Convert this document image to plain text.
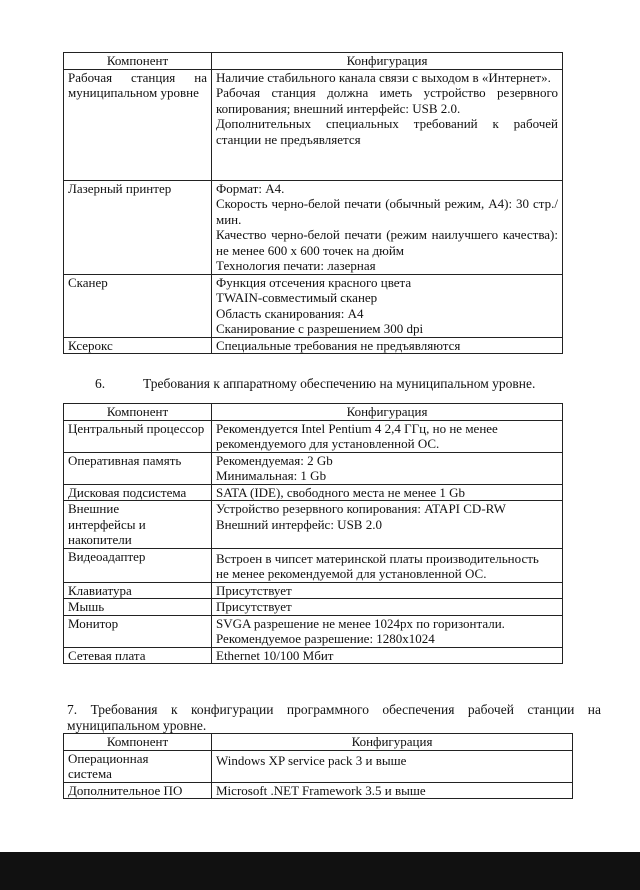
Компонент	Конфигурация
Рабочая станция на муниципальном уровне	Наличие стабильного канала связи с выходом в «Интернет».
Рабочая станция должна иметь устройство резервного копирования; внешний интерфейс: USB 2.0.
Дополнительных специальных требований к рабочей станции не предъявляется

Лазерный принтер	Формат: А4.
Скорость черно-белой печати (обычный режим, А4): 30 стр./мин.
Качество черно-белой печати (режим наилучшего качества): не менее 600 х 600 точек на дюйм
Технология печати: лазерная

Сканер	Функция отсечения красного цвета
TWAIN-совместимый сканер
Область сканирования: А4
Сканирование с разрешением 300 dpi

Ксерокс	Специальные требования не предъявляются
6.	Требования к аппаратному обеспечению на муниципальном уровне.
Компонент	Конфигурация
Центральный процессор	Рекомендуется Intel Pentium 4 2,4 ГГц, но не менее рекомендуемого для установленной ОС.

Оперативная память	Рекомендуемая: 2 Gb
Минимальная: 1 Gb

Дисковая подсистема	SATA (IDE), свободного места не менее 1 Gb

Внешние интерфейсы и накопители	Устройство резервного копирования: ATAPI CD-RW
Внешний интерфейс: USB 2.0

Видеоадаптер	Встроен в чипсет материнской платы производительность не менее рекомендуемой для установленной ОС.

Клавиатура	Присутствует

Мышь	Присутствует

Монитор	SVGA разрешение не менее 1024px по горизонтали.
Рекомендуемое разрешение: 1280x1024

Сетевая плата	Ethernet 10/100 Мбит
7. Требования к конфигурации программного обеспечения рабочей станции на муниципальном уровне.
Компонент	Конфигурация
Операционная система	Windows XP service pack 3 и выше

Дополнительное ПО	Microsoft .NET Framework 3.5 и выше
